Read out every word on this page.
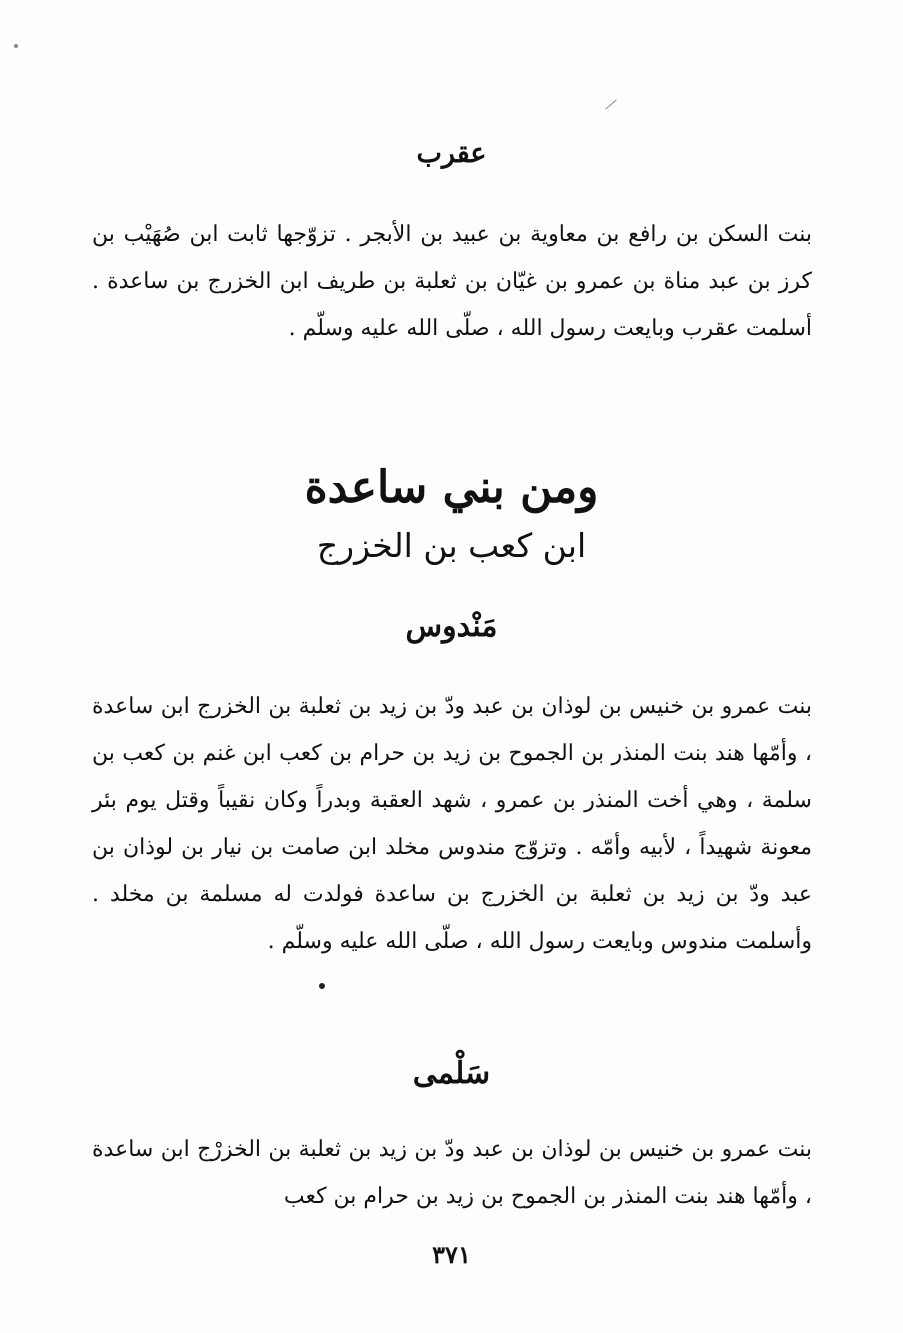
عقرب
بنت السكن بن رافع بن معاوية بن عبيد بن الأبجر . تزوّجها ثابت ابن صُهَيْب بن كرز بن عبد مناة بن عمرو بن غيّان بن ثعلبة بن طريف ابن الخزرج بن ساعدة . أسلمت عقرب وبايعت رسول الله ، صلّى الله عليه وسلّم .
ومن بني ساعدة
ابن كعب بن الخزرج
مَنْدوس
بنت عمرو بن خنيس بن لوذان بن عبد ودّ بن زيد بن ثعلبة بن الخزرج ابن ساعدة ، وأمّها هند بنت المنذر بن الجموح بن زيد بن حرام بن كعب ابن غنم بن كعب بن سلمة ، وهي أخت المنذر بن عمرو ، شهد العقبة وبدراً وكان نقيباً وقتل يوم بئر معونة شهيداً ، لأبيه وأمّه . وتزوّج مندوس مخلد ابن صامت بن نيار بن لوذان بن عبد ودّ بن زيد بن ثعلبة بن الخزرج بن ساعدة فولدت له مسلمة بن مخلد . وأسلمت مندوس وبايعت رسول الله ، صلّى الله عليه وسلّم .
سَلْمى
بنت عمرو بن خنيس بن لوذان بن عبد ودّ بن زيد بن ثعلبة بن الخزرْج ابن ساعدة ، وأمّها هند بنت المنذر بن الجموح بن زيد بن حرام بن كعب
٣٧١
